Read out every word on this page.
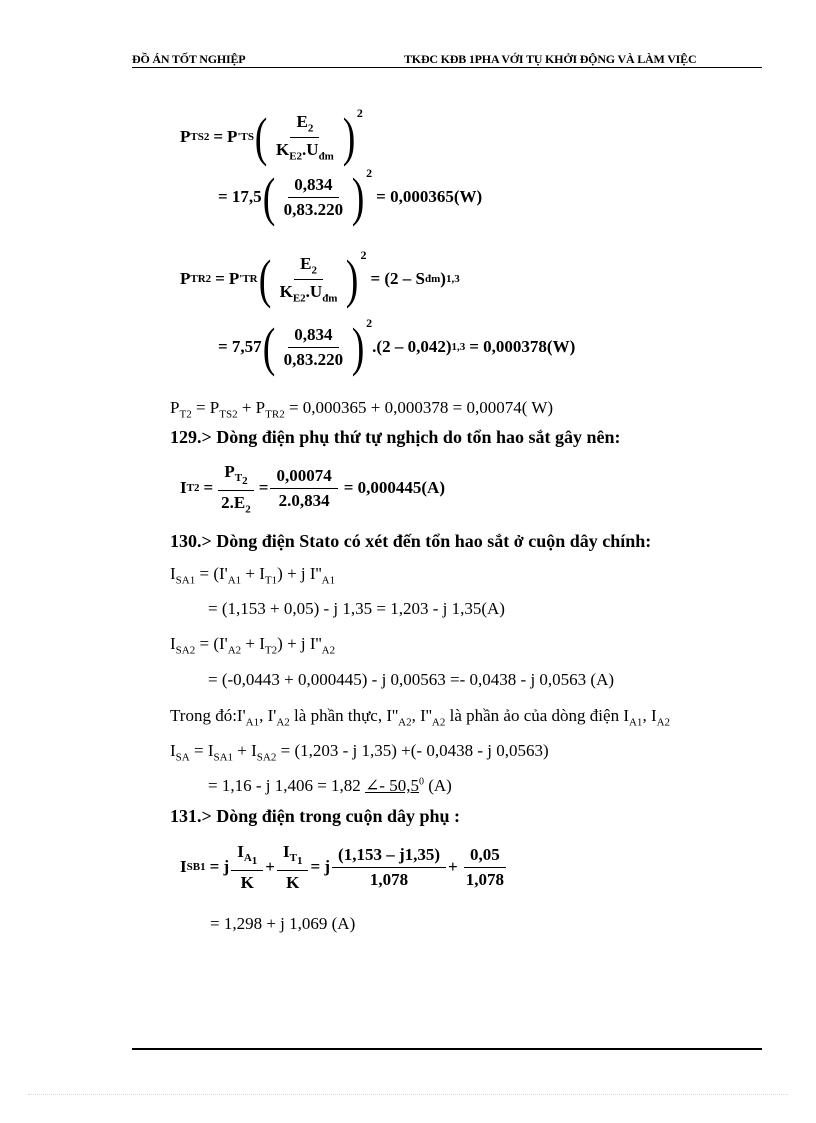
ĐỒ ÁN TỐT NGHIỆP	TKĐC KĐB 1PHA VỚI TỤ KHỞI ĐỘNG VÀ LÀM VIỆC
P TS2 = P ' TS ( $\frac{E_2}{K_{E2}.U_{đm}}$ ) 2
= 17,5 ( $\frac{0,834}{0,83.220}$ ) 2
= 0,000365(W)
P TR2 = P ' TR ( $\frac{E_2}{K_{E2}.U_{đm}}$ ) 2
= (2 – S đm ) 1,3
= 7,57 ( $\frac{0,834}{0,83.220}$ ) 2
.(2 – 0,042) 1,3 = 0,000378(W)
$P_{T2} = P_{TS2} + P_{TR2} = 0,000365 + 0,000378 = 0,00074$( W)
129.> Dòng điện phụ thứ tự nghịch do tổn hao sắt gây nên:
I $T2 = \frac{P_{T_2}}{2.E_2} = \frac{0,00074}{2.0,834} = 0,000445(A)$
130.> Dòng điện Stato có xét đến tổn hao sắt ở cuộn dây chính:
$I_{SA1} = (I'_{A1} + I_{T1}) + j$ $I''_{A1}$
= (1,153 + 0,05) - j 1,35 = 1,203 - j 1,35(A)
$I_{SA2} = (I'_{A2} + I_{T2}) + j$ $I''_{A2}$
= (-0,0443 + 0,000445) - j 0,00563 =- 0,0438 - j 0,0563 (A)
Trong $đó:I'_{A1}$, $I'_{A2}$ là phần thực, $I''_{A2}$, $I''_{A2}$ là phần ảo của dòng điện $I_{A1}$, $I_{A2}$
$I_{SA} = I_{SA1} + I_{SA2} = (1,203 - j$ 1,35) +(- 0,0438 - j 0,0563)
= 1,16 - j 1,406 = 1,82 ∠- 50,5$^0$ (A)
131.> Dòng điện trong cuộn dây phụ :
I SB1 = j $\frac{I_{A_1}}{K} + \frac{I_{T_1}}{K} = j \frac{(1,153 - j1,35)}{1,078} + \frac{0,05}{1,078}$
= 1,298 + j 1,069 (A)
